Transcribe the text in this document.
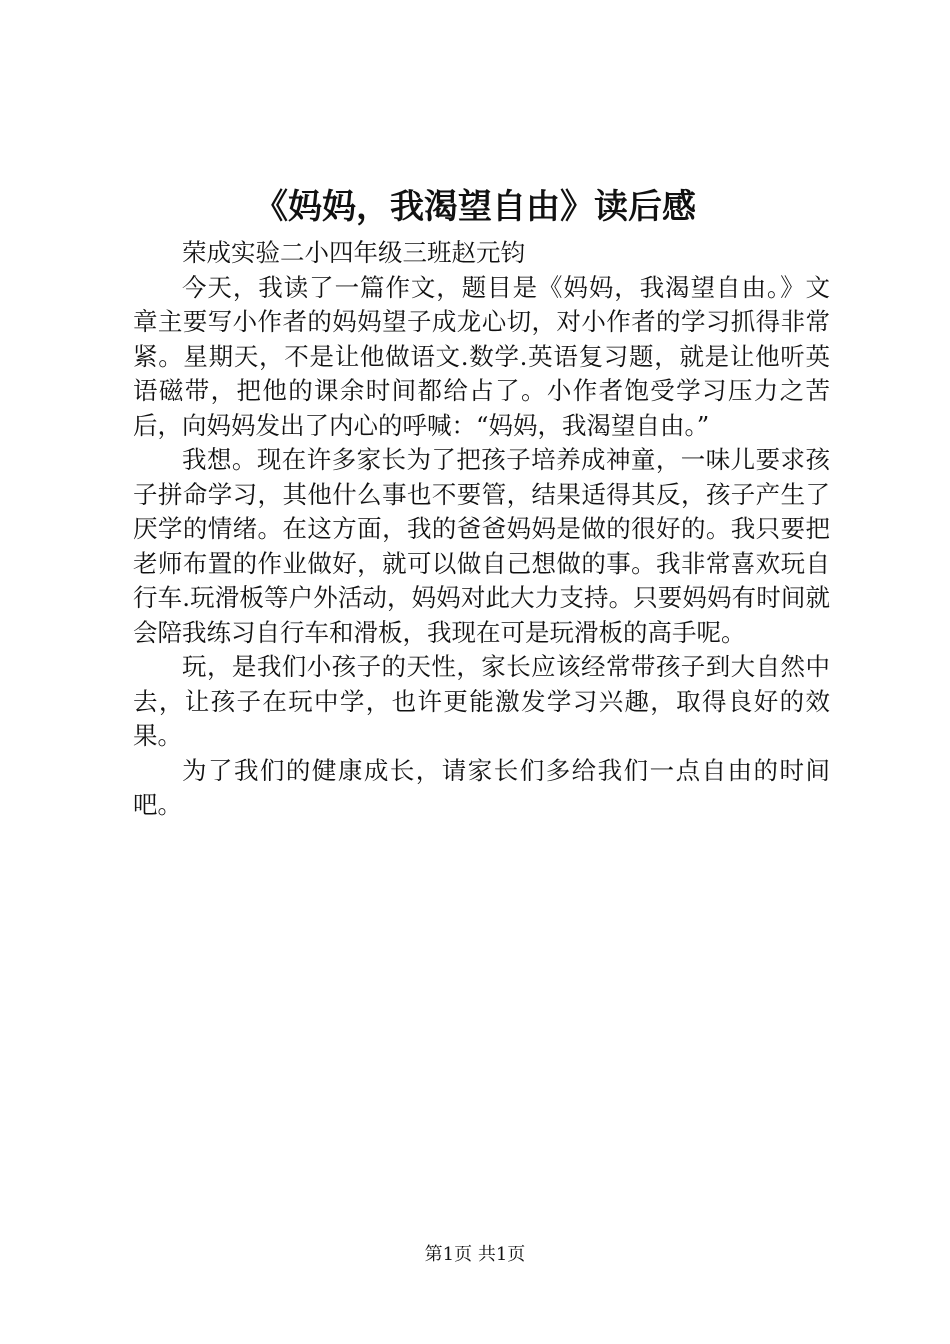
《妈妈，我渴望自由》读后感

荣成实验二小四年级三班赵元钧

今天，我读了一篇作文，题目是《妈妈，我渴望自由。》文章主要写小作者的妈妈望子成龙心切，对小作者的学习抓得非常紧。星期天，不是让他做语文.数学.英语复习题，就是让他听英语磁带，把他的课余时间都给占了。小作者饱受学习压力之苦后，向妈妈发出了内心的呼喊：“妈妈，我渴望自由。”

我想。现在许多家长为了把孩子培养成神童，一味儿要求孩子拼命学习，其他什么事也不要管，结果适得其反，孩子产生了厌学的情绪。在这方面，我的爸爸妈妈是做的很好的。我只要把老师布置的作业做好，就可以做自己想做的事。我非常喜欢玩自行车.玩滑板等户外活动，妈妈对此大力支持。只要妈妈有时间就会陪我练习自行车和滑板，我现在可是玩滑板的高手呢。

玩，是我们小孩子的天性，家长应该经常带孩子到大自然中去，让孩子在玩中学，也许更能激发学习兴趣，取得良好的效果。

为了我们的健康成长，请家长们多给我们一点自由的时间吧。

第1页 共1页
